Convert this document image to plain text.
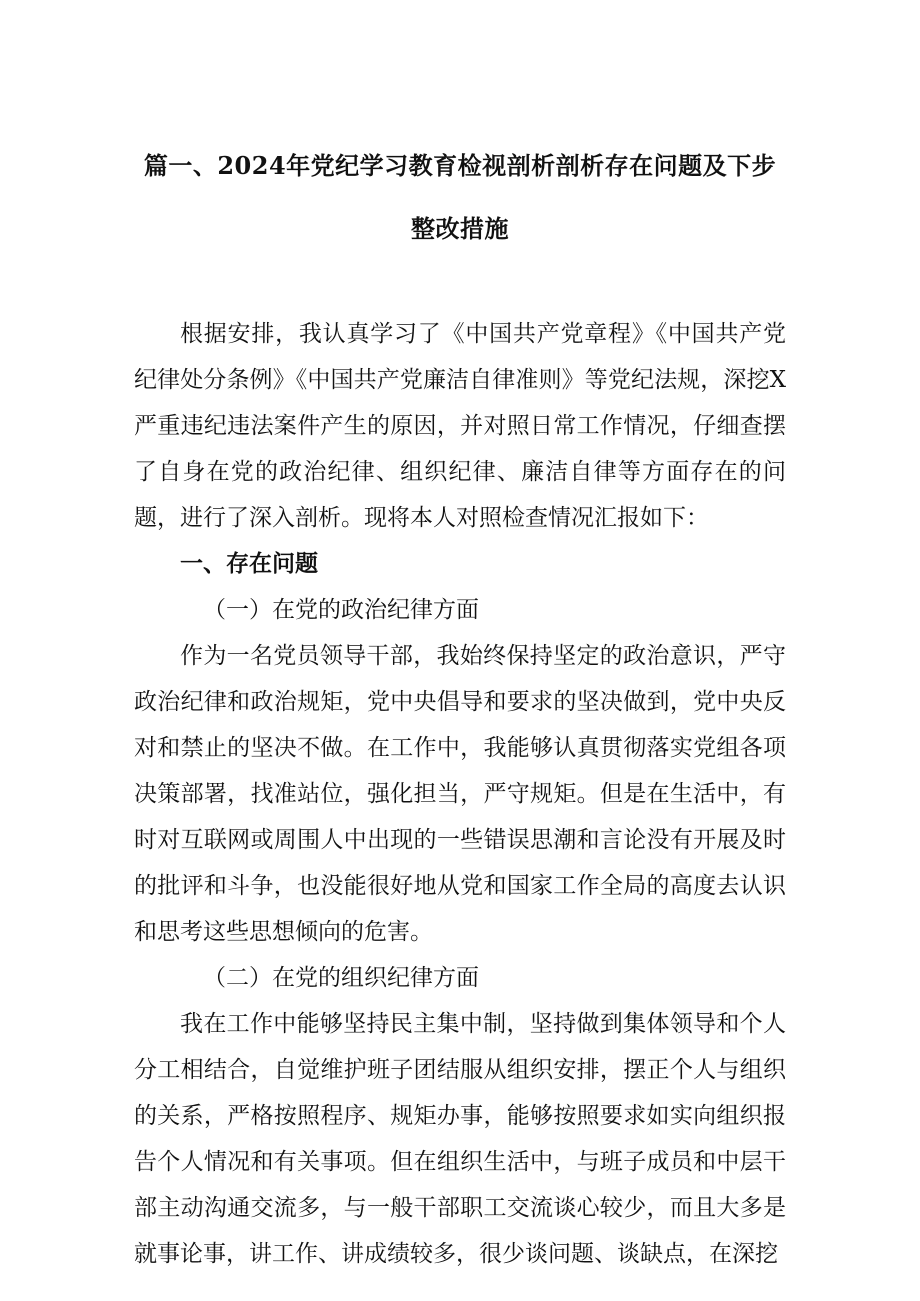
篇一、2024年党纪学习教育检视剖析剖析存在问题及下步
整改措施

根据安排，我认真学习了《中国共产党章程》《中国共产党纪律处分条例》《中国共产党廉洁自律准则》等党纪法规，深挖X严重违纪违法案件产生的原因，并对照日常工作情况，仔细查摆了自身在党的政治纪律、组织纪律、廉洁自律等方面存在的问题，进行了深入剖析。现将本人对照检查情况汇报如下：

一、存在问题

（一）在党的政治纪律方面

作为一名党员领导干部，我始终保持坚定的政治意识，严守政治纪律和政治规矩，党中央倡导和要求的坚决做到，党中央反对和禁止的坚决不做。在工作中，我能够认真贯彻落实党组各项决策部署，找准站位，强化担当，严守规矩。但是在生活中，有时对互联网或周围人中出现的一些错误思潮和言论没有开展及时的批评和斗争，也没能很好地从党和国家工作全局的高度去认识和思考这些思想倾向的危害。

（二）在党的组织纪律方面

我在工作中能够坚持民主集中制，坚持做到集体领导和个人分工相结合，自觉维护班子团结服从组织安排，摆正个人与组织的关系，严格按照程序、规矩办事，能够按照要求如实向组织报告个人情况和有关事项。但在组织生活中，与班子成员和中层干部主动沟通交流多，与一般干部职工交流谈心较少，而且大多是就事论事，讲工作、讲成绩较多，很少谈问题、谈缺点，在深挖
